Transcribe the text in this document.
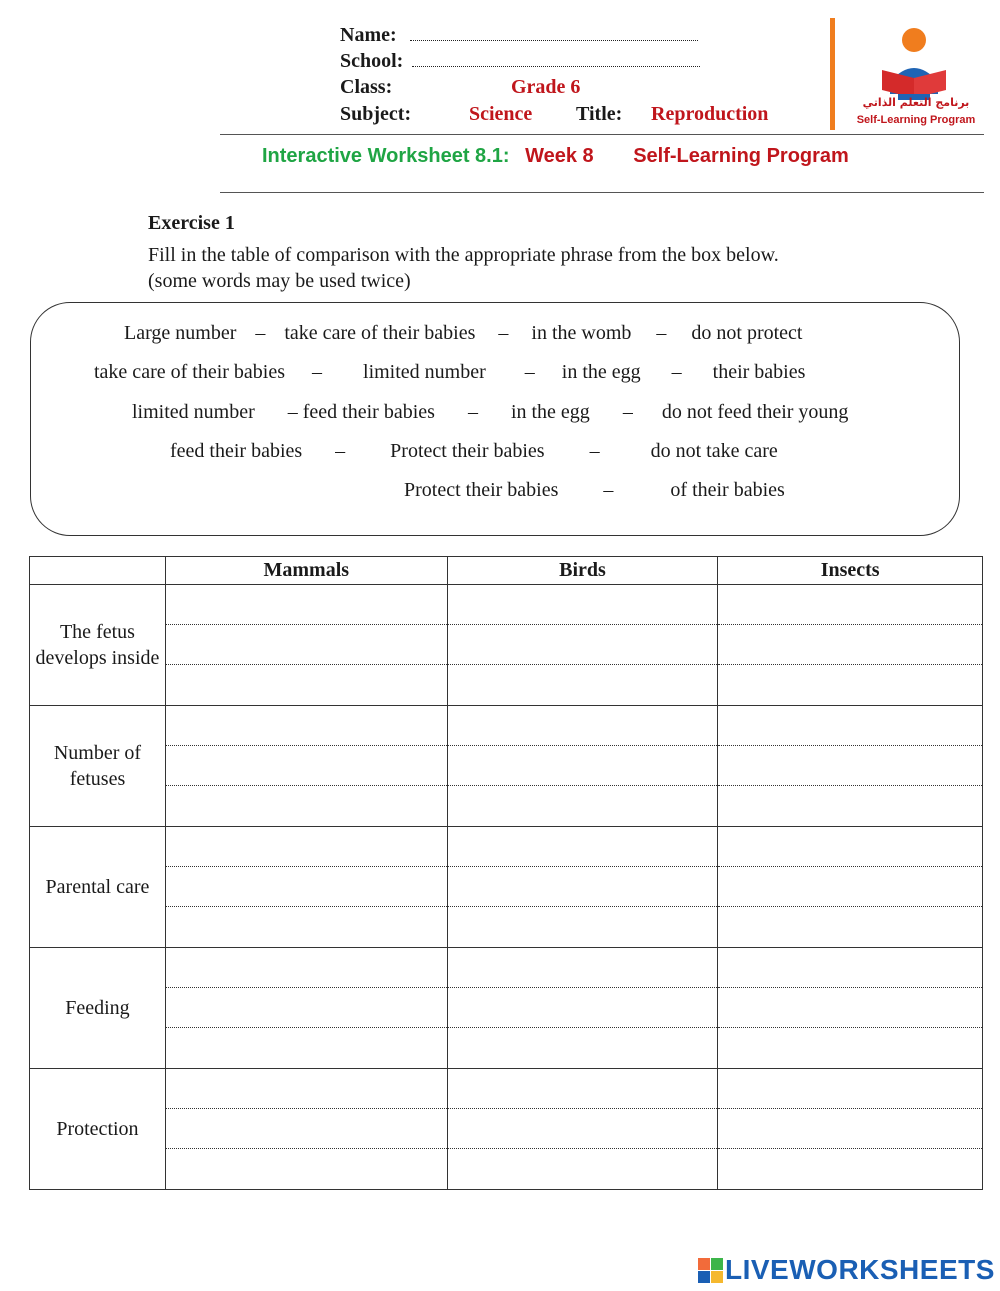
Name:
School:
Class:	Grade 6
Subject:	Science Title: Reproduction
برنامج التعلم الذاتي
Self-Learning Program
Interactive Worksheet 8.1: Week 8 Self-Learning Program
Exercise 1
Fill in the table of comparison with the appropriate phrase from the box below. (some words may be used twice)
Large number – take care of their babies – in the womb – do not protect
take care of their babies – limited number – in the egg – their babies
limited number – feed their babies – in the egg – do not feed their young
feed their babies – Protect their babies –	do not take care
Protect their babies –	of their babies
	Mammals	Birds	Insects
The fetus develops inside	

Number of fetuses	

Parental care	

Feeding	

Protection	

LIVEWORKSHEETS
